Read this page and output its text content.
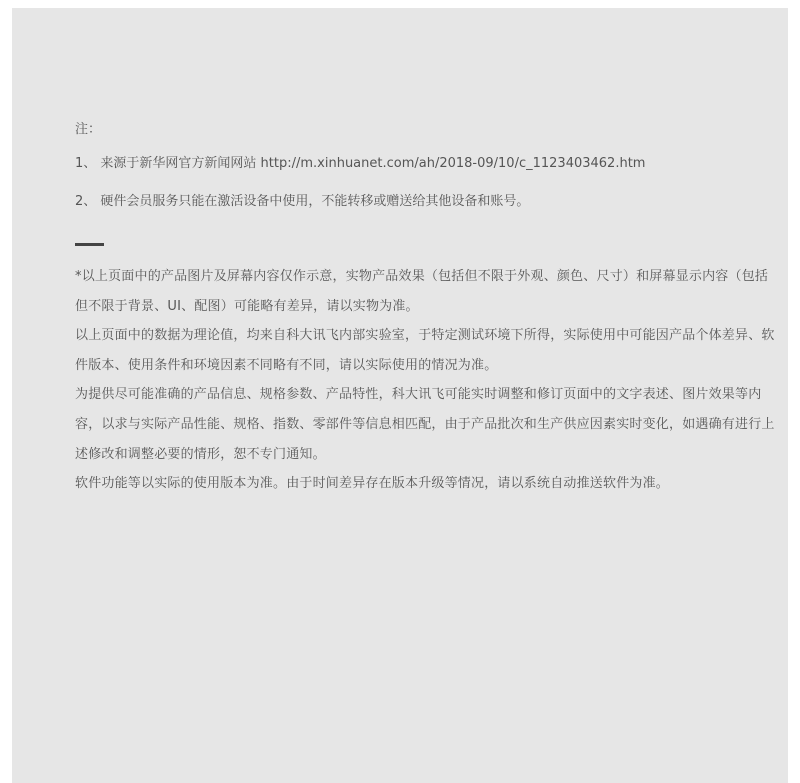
注：

1、 来源于新华网官方新闻网站 http://m.xinhuanet.com/ah/2018-09/10/c_1123403462.htm

2、 硬件会员服务只能在激活设备中使用，不能转移或赠送给其他设备和账号。

*以上页面中的产品图片及屏幕内容仅作示意，实物产品效果（包括但不限于外观、颜色、尺寸）和屏幕显示内容（包括但不限于背景、UI、配图）可能略有差异，请以实物为准。

以上页面中的数据为理论值，均来自科大讯飞内部实验室，于特定测试环境下所得，实际使用中可能因产品个体差异、软件版本、使用条件和环境因素不同略有不同，请以实际使用的情况为准。

为提供尽可能准确的产品信息、规格参数、产品特性，科大讯飞可能实时调整和修订页面中的文字表述、图片效果等内容，以求与实际产品性能、规格、指数、零部件等信息相匹配，由于产品批次和生产供应因素实时变化，如遇确有进行上述修改和调整必要的情形，恕不专门通知。

软件功能等以实际的使用版本为准。由于时间差异存在版本升级等情况，请以系统自动推送软件为准。
